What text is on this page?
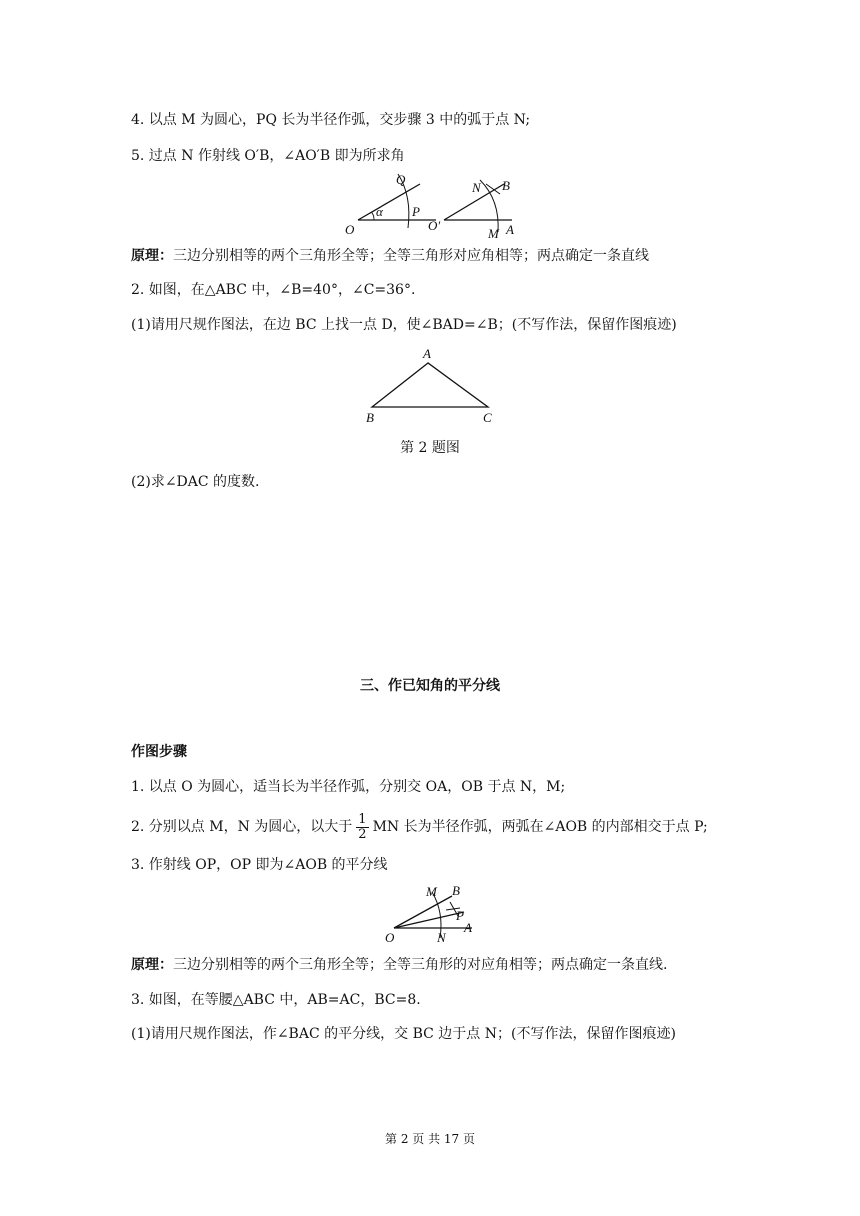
4. 以点 M 为圆心，PQ 长为半径作弧，交步骤 3 中的弧于点 N;
5. 过点 N 作射线 O′B，∠AO′B 即为所求角
Q
α P
O	O′
N B
M A
原理：三边分别相等的两个三角形全等；全等三角形对应角相等；两点确定一条直线
2. 如图，在△ABC 中，∠B=40°，∠C=36°.
(1)请用尺规作图法，在边 BC 上找一点 D，使∠BAD=∠B；(不写作法，保留作图痕迹)
A
B	C
第 2 题图
(2)求∠DAC 的度数.
三、作已知角的平分线
作图步骤
1. 以点 O 为圆心，适当长为半径作弧，分别交 OA，OB 于点 N，M;
2. 分别以点 M，N 为圆心，以大于 $\frac{1}{2}$ MN 长为半径作弧，两弧在∠AOB 的内部相交于点 P;
3. 作射线 OP，OP 即为∠AOB 的平分线
M B
P
O	N
A
原理：三边分别相等的两个三角形全等；全等三角形的对应角相等；两点确定一条直线.
3. 如图，在等腰△ABC 中，AB=AC，BC=8.
(1)请用尺规作图法，作∠BAC 的平分线，交 BC 边于点 N；(不写作法，保留作图痕迹)
第 2 页 共 17 页
